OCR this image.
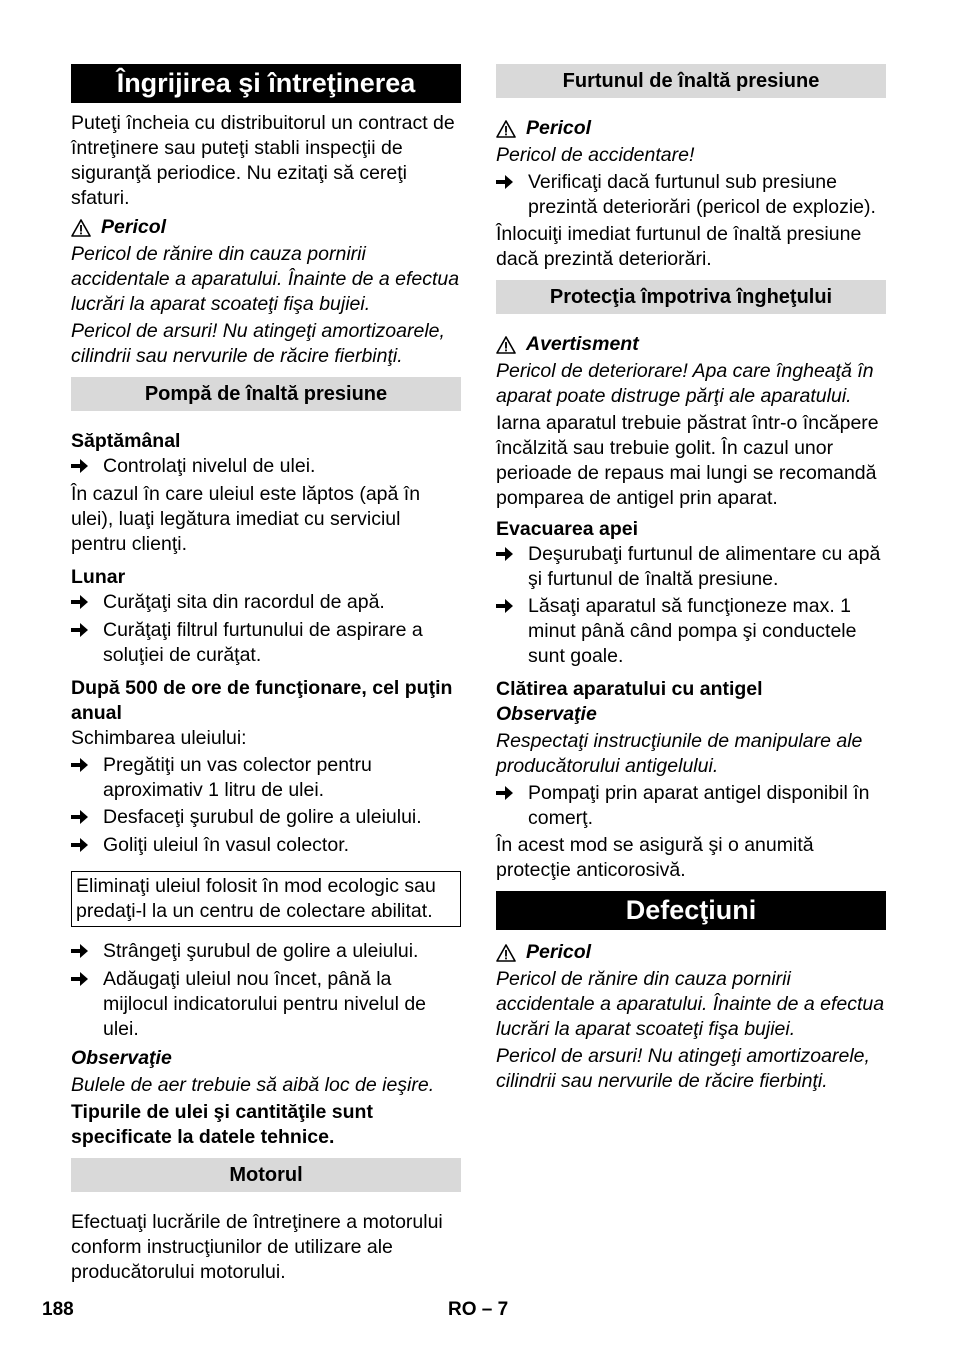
Îngrijirea şi întreţinerea

Puteţi încheia cu distribuitorul un contract de întreţinere sau puteţi stabli inspecţii de siguranţă periodice. Nu ezitaţi să cereţi sfaturi.

Pericol

Pericol de rănire din cauza pornirii accidentale a aparatului. Înainte de a efectua lucrări la aparat scoateţi fişa bujiei.

Pericol de arsuri! Nu atingeţi amortizoarele, cilindrii sau nervurile de răcire fierbinţi.

Pompă de înaltă presiune
Săptămânal
Controlaţi nivelul de ulei.

În cazul în care uleiul este lăptos (apă în ulei), luaţi legătura imediat cu serviciul pentru clienţi.

Lunar
Curăţaţi sita din racordul de apă.
Curăţaţi filtrul furtunului de aspirare a soluţiei de curăţat.
După 500 de ore de funcţionare, cel puţin anual

Schimbarea uleiului:

Pregătiţi un vas colector pentru aproximativ 1 litru de ulei.
Desfaceţi şurubul de golire a uleiului.
Goliţi uleiul în vasul colector.
Eliminaţi uleiul folosit în mod ecologic sau predaţi-l la un centru de colectare abilitat.
Strângeţi şurubul de golire a uleiului.
Adăugaţi uleiul nou încet, până la mijlocul indicatorului pentru nivelul de ulei.

Observaţie

Bulele de aer trebuie să aibă loc de ieşire.

Tipurile de ulei şi cantităţile sunt specificate la datele tehnice.

Motorul

Efectuaţi lucrările de întreţinere a motorului conform instrucţiunilor de utilizare ale producătorului motorului.

Furtunul de înaltă presiune
Pericol

Pericol de accidentare!

Verificaţi dacă furtunul sub presiune prezintă deteriorări (pericol de explozie).

Înlocuiţi imediat furtunul de înaltă presiune dacă prezintă deteriorări.

Protecţia împotriva îngheţului
Avertisment

Pericol de deteriorare! Apa care îngheaţă în aparat poate distruge părţi ale aparatului.

Iarna aparatul trebuie păstrat într-o încăpere încălzită sau trebuie golit. În cazul unor perioade de repaus mai lungi se recomandă pomparea de antigel prin aparat.

Evacuarea apei
Deşurubaţi furtunul de alimentare cu apă şi furtunul de înaltă presiune.
Lăsaţi aparatul să funcţioneze max. 1 minut până când pompa şi conductele sunt goale.
Clătirea aparatului cu antigel

Observaţie

Respectaţi instrucţiunile de manipulare ale producătorului antigelului.

Pompaţi prin aparat antigel disponibil în comerţ.

În acest mod se asigură şi o anumită protecţie anticorosivă.

Defecţiuni
Pericol

Pericol de rănire din cauza pornirii accidentale a aparatului. Înainte de a efectua lucrări la aparat scoateţi fişa bujiei.

Pericol de arsuri! Nu atingeţi amortizoarele, cilindrii sau nervurile de răcire fierbinţi.

188	RO – 7
